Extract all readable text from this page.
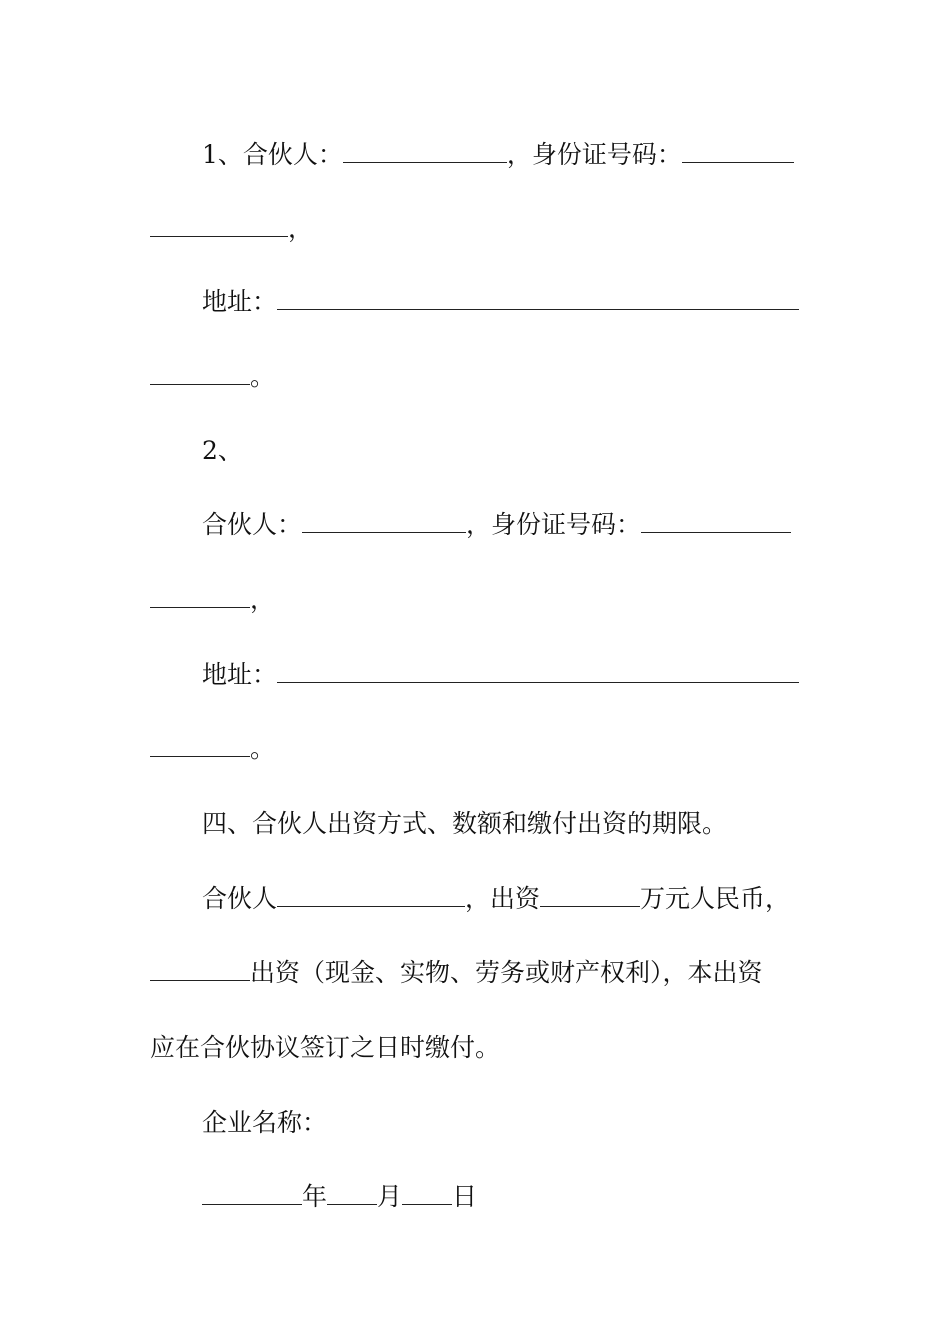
1、合伙人：	，身份证号码：
，
地址：
。
2、
合伙人：	，身份证号码：
，
地址：
。
四、合伙人出资方式、数额和缴付出资的期限。
合伙人	，出资	万元人民币，
出资（现金、实物、劳务或财产权利），本出资
应在合伙协议签订之日时缴付。
企业名称：
年 月 日
